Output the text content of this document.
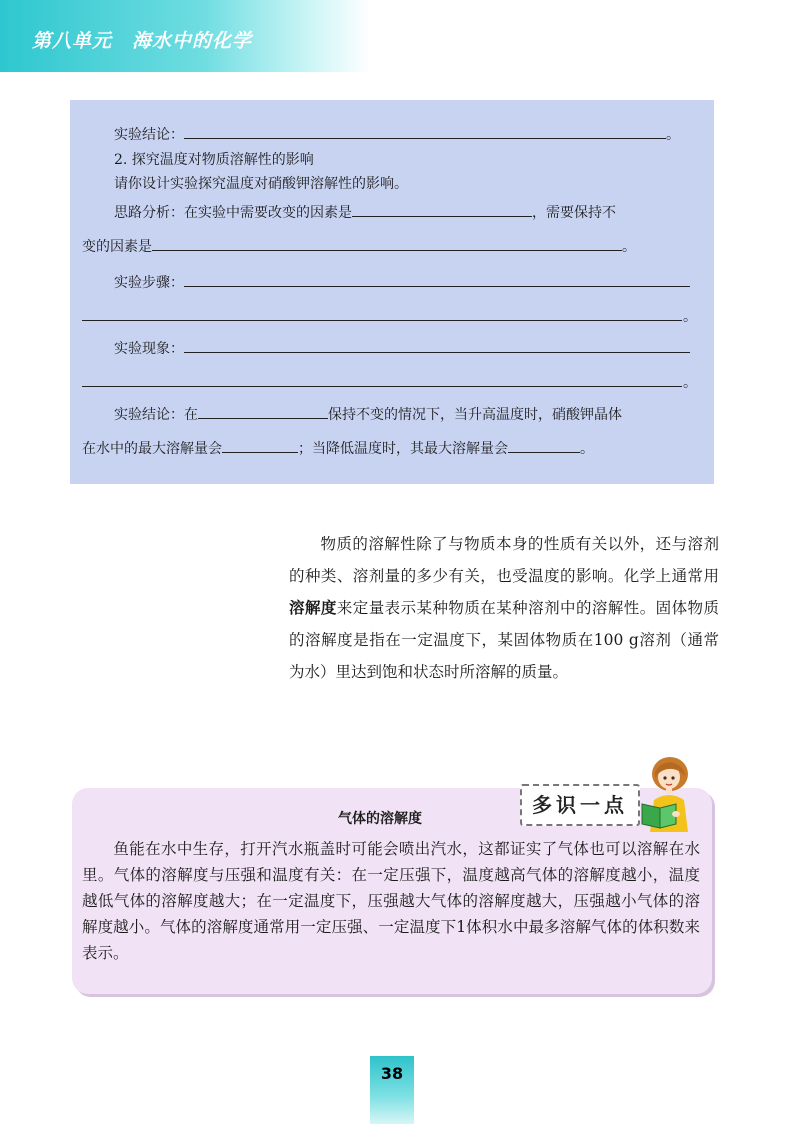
第八单元 海水中的化学
实验结论：	。
2. 探究温度对物质溶解性的影响
请你设计实验探究温度对硝酸钾溶解性的影响。
思路分析：在实验中需要改变的因素是	，需要保持不
变的因素是	。
实验步骤：
。
实验现象：
。
实验结论：在	保持不变的情况下，当升高温度时，硝酸钾晶体
在水中的最大溶解量会	；当降低温度时，其最大溶解量会	。
物质的溶解性除了与物质本身的性质有关以外，还与溶剂的种类、溶剂量的多少有关，也受温度的影响。化学上通常用溶解度来定量表示某种物质在某种溶剂中的溶解性。固体物质的溶解度是指在一定温度下，某固体物质在100 g溶剂（通常为水）里达到饱和状态时所溶解的质量。
气体的溶解度
多识一点
鱼能在水中生存，打开汽水瓶盖时可能会喷出汽水，这都证实了气体也可以溶解在水里。气体的溶解度与压强和温度有关：在一定压强下，温度越高气体的溶解度越小，温度越低气体的溶解度越大；在一定温度下，压强越大气体的溶解度越大，压强越小气体的溶解度越小。气体的溶解度通常用一定压强、一定温度下1体积水中最多溶解气体的体积数来表示。
38
